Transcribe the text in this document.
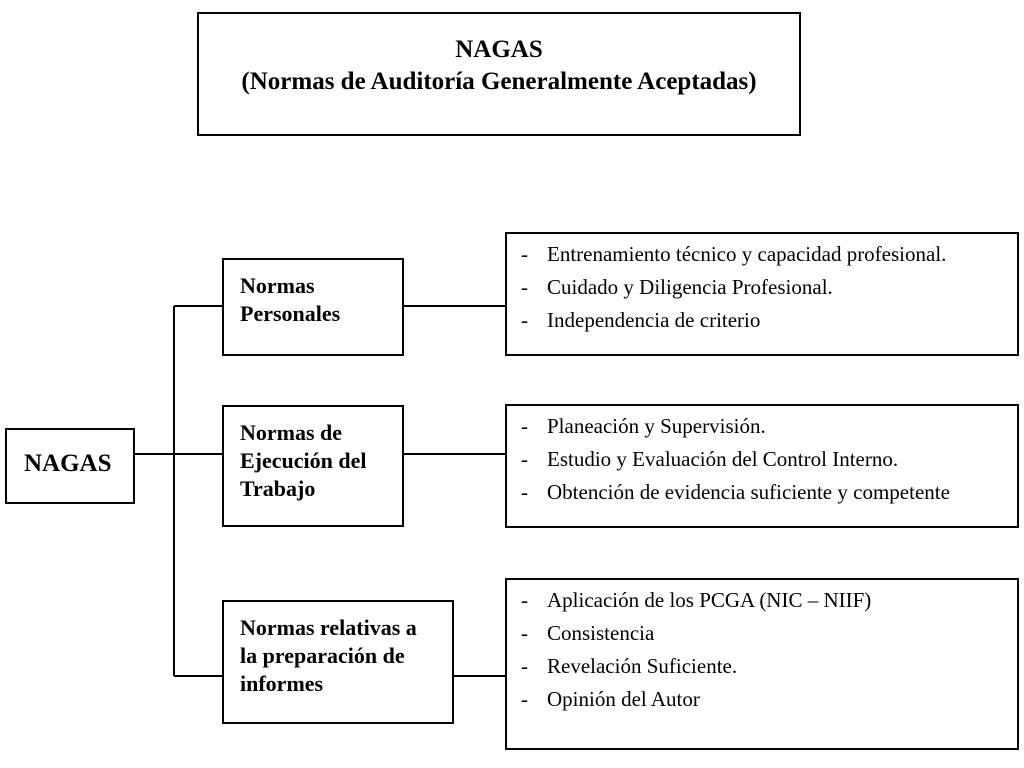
NAGAS
(Normas de Auditoría Generalmente Aceptadas)
NAGAS
Normas
Personales
Normas de
Ejecución del
Trabajo
Normas relativas a
la preparación de
informes
- Entrenamiento técnico y capacidad profesional.
- Cuidado y Diligencia Profesional.
- Independencia de criterio
- Planeación y Supervisión.
- Estudio y Evaluación del Control Interno.
- Obtención de evidencia suficiente y competente
- Aplicación de los PCGA (NIC – NIIF)
- Consistencia
- Revelación Suficiente.
- Opinión del Autor
